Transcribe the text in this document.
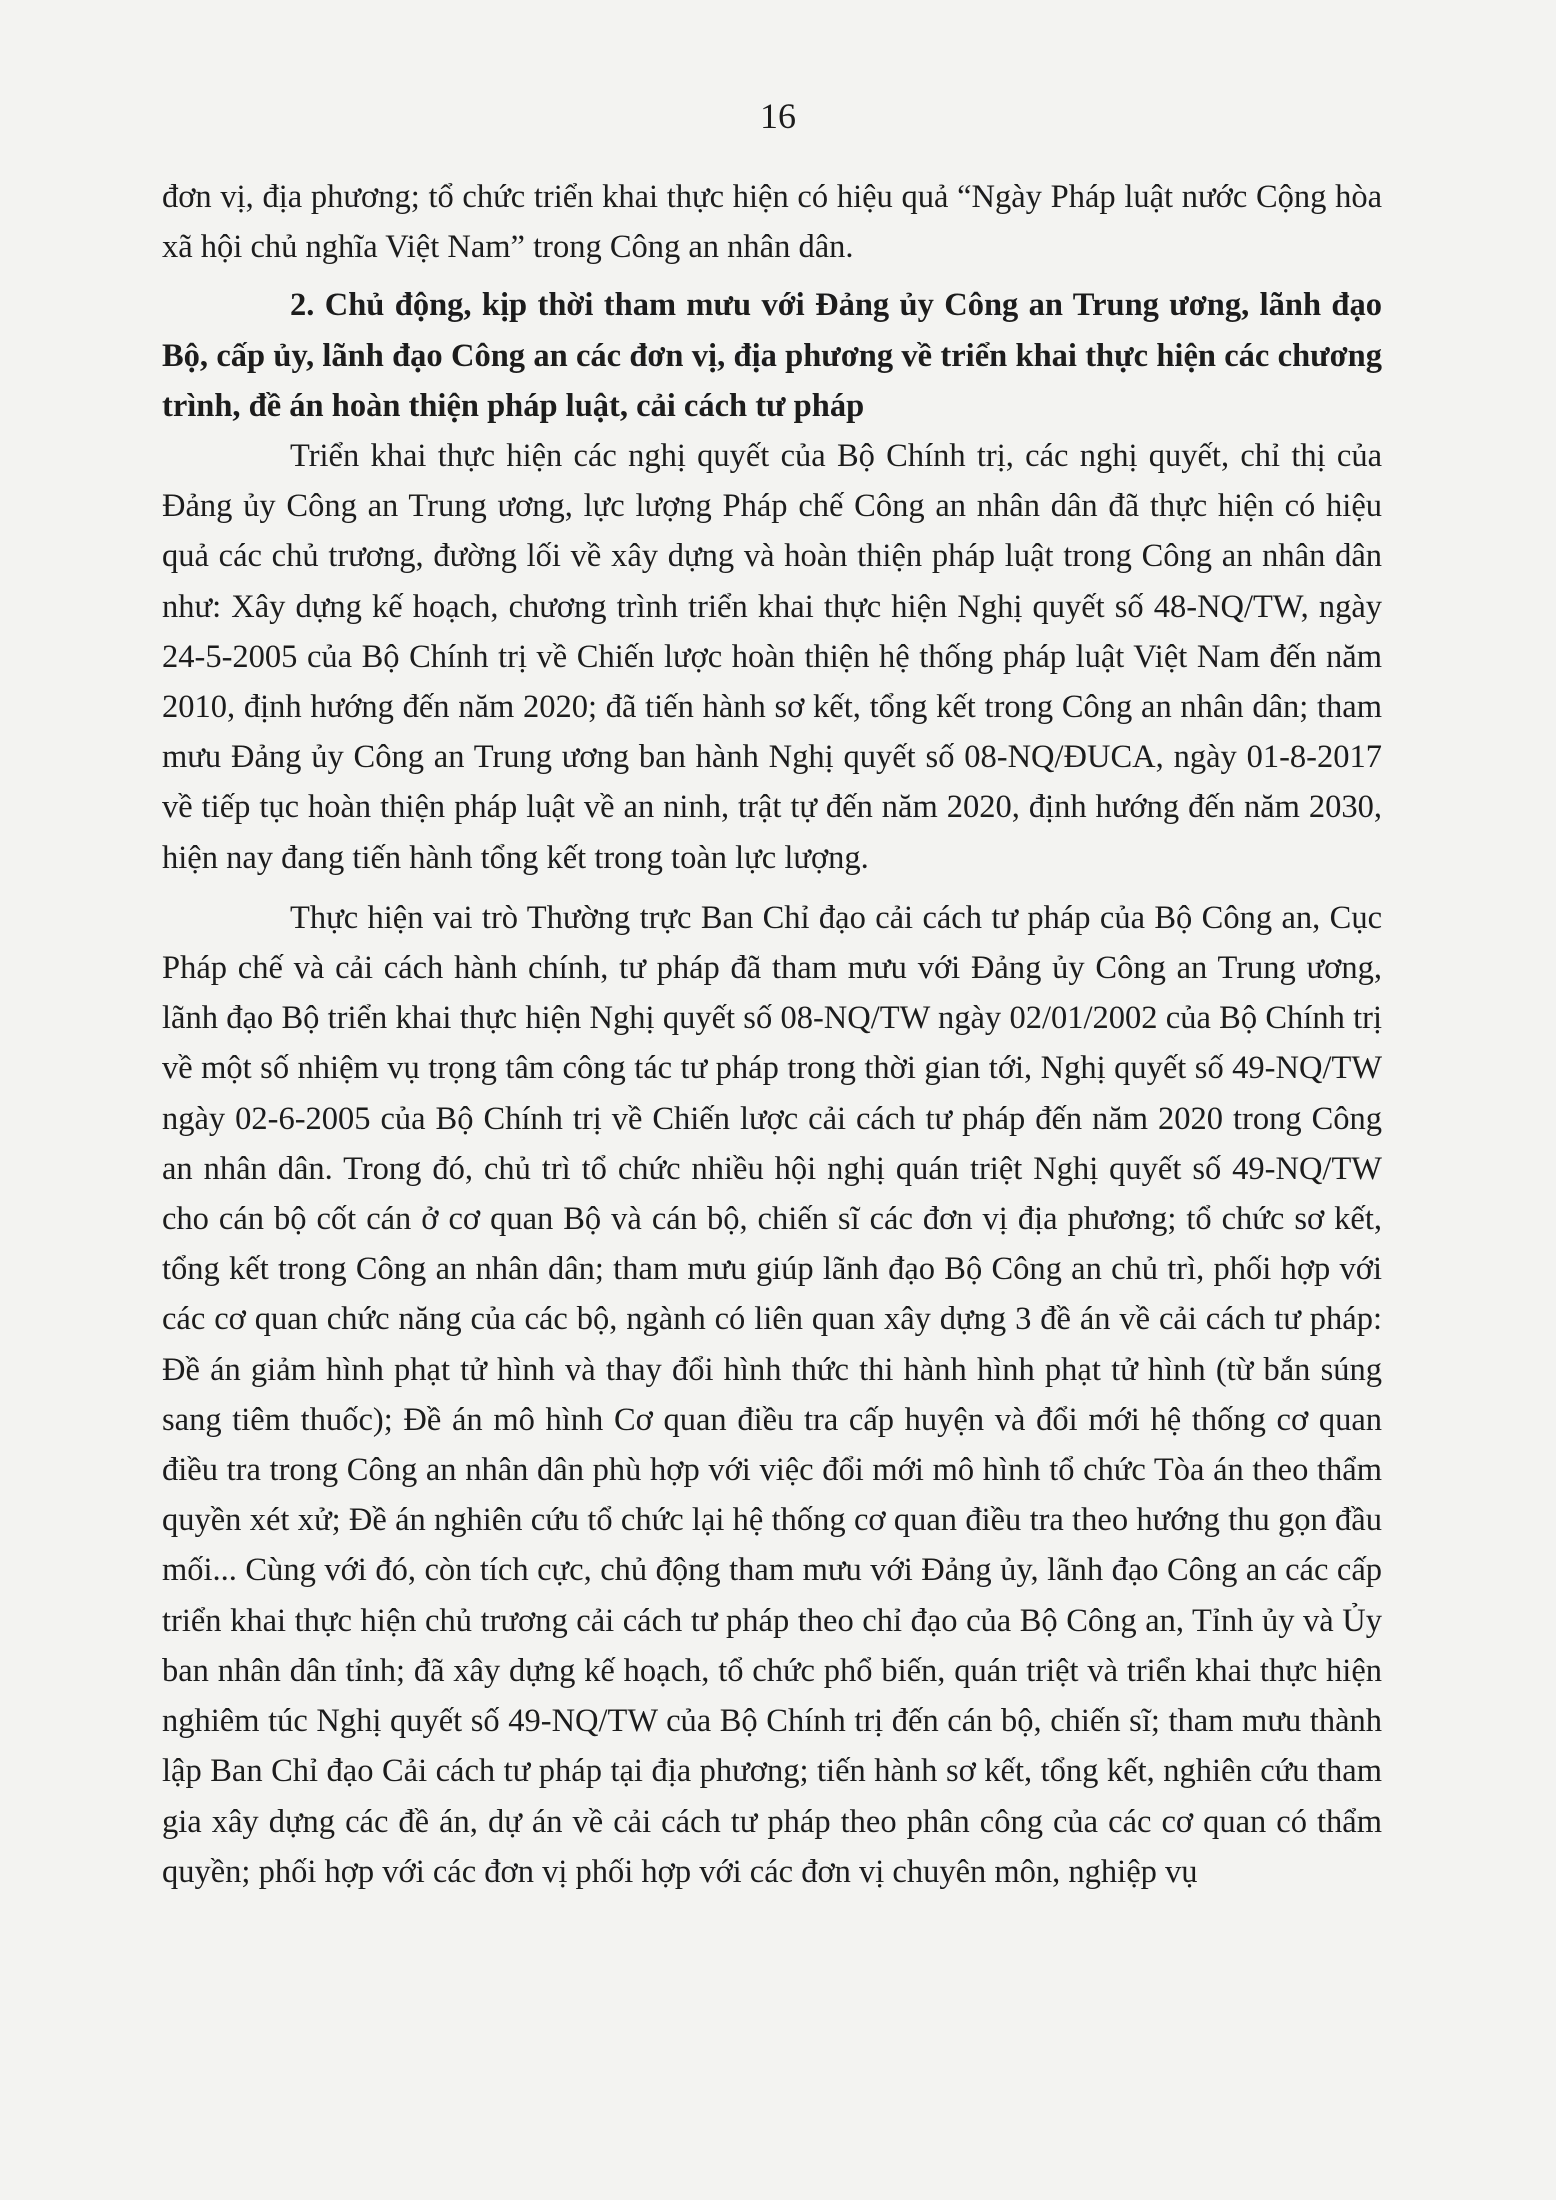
16

đơn vị, địa phương; tổ chức triển khai thực hiện có hiệu quả “Ngày Pháp luật nước Cộng hòa xã hội chủ nghĩa Việt Nam” trong Công an nhân dân.

2. Chủ động, kịp thời tham mưu với Đảng ủy Công an Trung ương, lãnh đạo Bộ, cấp ủy, lãnh đạo Công an các đơn vị, địa phương về triển khai thực hiện các chương trình, đề án hoàn thiện pháp luật, cải cách tư pháp

Triển khai thực hiện các nghị quyết của Bộ Chính trị, các nghị quyết, chỉ thị của Đảng ủy Công an Trung ương, lực lượng Pháp chế Công an nhân dân đã thực hiện có hiệu quả các chủ trương, đường lối về xây dựng và hoàn thiện pháp luật trong Công an nhân dân như: Xây dựng kế hoạch, chương trình triển khai thực hiện Nghị quyết số 48-NQ/TW, ngày 24-5-2005 của Bộ Chính trị về Chiến lược hoàn thiện hệ thống pháp luật Việt Nam đến năm 2010, định hướng đến năm 2020; đã tiến hành sơ kết, tổng kết trong Công an nhân dân; tham mưu Đảng ủy Công an Trung ương ban hành Nghị quyết số 08-NQ/ĐUCA, ngày 01-8-2017 về tiếp tục hoàn thiện pháp luật về an ninh, trật tự đến năm 2020, định hướng đến năm 2030, hiện nay đang tiến hành tổng kết trong toàn lực lượng.

Thực hiện vai trò Thường trực Ban Chỉ đạo cải cách tư pháp của Bộ Công an, Cục Pháp chế và cải cách hành chính, tư pháp đã tham mưu với Đảng ủy Công an Trung ương, lãnh đạo Bộ triển khai thực hiện Nghị quyết số 08-NQ/TW ngày 02/01/2002 của Bộ Chính trị về một số nhiệm vụ trọng tâm công tác tư pháp trong thời gian tới, Nghị quyết số 49-NQ/TW ngày 02-6-2005 của Bộ Chính trị về Chiến lược cải cách tư pháp đến năm 2020 trong Công an nhân dân. Trong đó, chủ trì tổ chức nhiều hội nghị quán triệt Nghị quyết số 49-NQ/TW cho cán bộ cốt cán ở cơ quan Bộ và cán bộ, chiến sĩ các đơn vị địa phương; tổ chức sơ kết, tổng kết trong Công an nhân dân; tham mưu giúp lãnh đạo Bộ Công an chủ trì, phối hợp với các cơ quan chức năng của các bộ, ngành có liên quan xây dựng 3 đề án về cải cách tư pháp: Đề án giảm hình phạt tử hình và thay đổi hình thức thi hành hình phạt tử hình (từ bắn súng sang tiêm thuốc); Đề án mô hình Cơ quan điều tra cấp huyện và đổi mới hệ thống cơ quan điều tra trong Công an nhân dân phù hợp với việc đổi mới mô hình tổ chức Tòa án theo thẩm quyền xét xử; Đề án nghiên cứu tổ chức lại hệ thống cơ quan điều tra theo hướng thu gọn đầu mối... Cùng với đó, còn tích cực, chủ động tham mưu với Đảng ủy, lãnh đạo Công an các cấp triển khai thực hiện chủ trương cải cách tư pháp theo chỉ đạo của Bộ Công an, Tỉnh ủy và Ủy ban nhân dân tỉnh; đã xây dựng kế hoạch, tổ chức phổ biến, quán triệt và triển khai thực hiện nghiêm túc Nghị quyết số 49-NQ/TW của Bộ Chính trị đến cán bộ, chiến sĩ; tham mưu thành lập Ban Chỉ đạo Cải cách tư pháp tại địa phương; tiến hành sơ kết, tổng kết, nghiên cứu tham gia xây dựng các đề án, dự án về cải cách tư pháp theo phân công của các cơ quan có thẩm quyền; phối hợp với các đơn vị phối hợp với các đơn vị chuyên môn, nghiệp vụ
